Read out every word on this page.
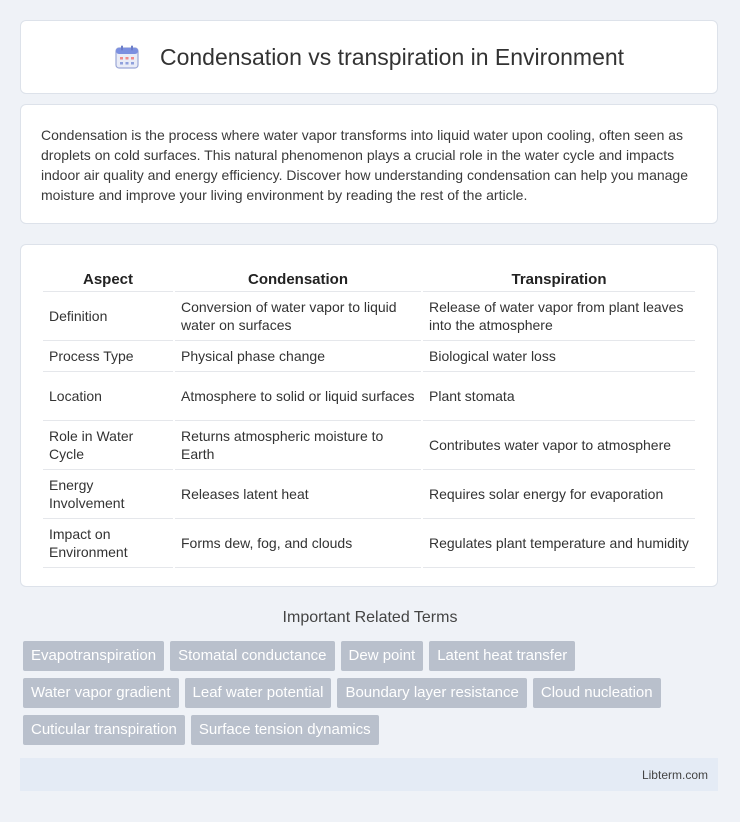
Condensation vs transpiration in Environment

Condensation is the process where water vapor transforms into liquid water upon cooling, often seen as droplets on cold surfaces. This natural phenomenon plays a crucial role in the water cycle and impacts indoor air quality and energy efficiency. Discover how understanding condensation can help you manage moisture and improve your living environment by reading the rest of the article.

Aspect	Condensation	Transpiration
Definition	Conversion of water vapor to liquid water on surfaces	Release of water vapor from plant leaves into the atmosphere
Process Type	Physical phase change	Biological water loss
Location	Atmosphere to solid or liquid surfaces	Plant stomata
Role in Water Cycle	Returns atmospheric moisture to Earth	Contributes water vapor to atmosphere
Energy Involvement	Releases latent heat	Requires solar energy for evaporation
Impact on Environment	Forms dew, fog, and clouds	Regulates plant temperature and humidity
Important Related Terms
Evapotranspiration	Stomatal conductance	Dew point	Latent heat transfer
Water vapor gradient	Leaf water potential	Boundary layer resistance	Cloud nucleation
Cuticular transpiration	Surface tension dynamics
Libterm.com
